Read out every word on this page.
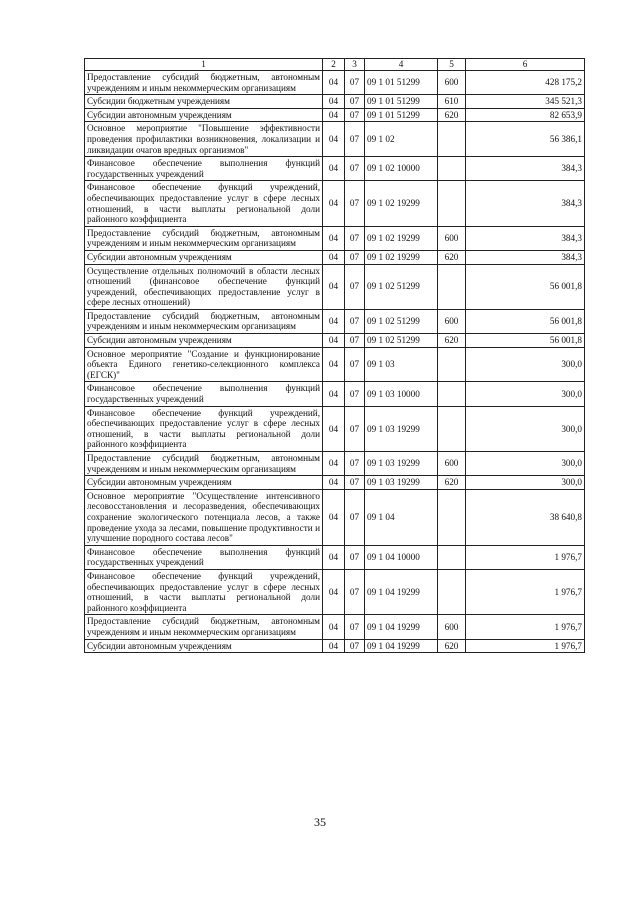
1	2	3	4	5	6
Предоставление субсидий бюджетным, автономным учреждениям и иным некоммерческим организациям	04	07	09 1 01 51299	600	428 175,2
Субсидии бюджетным учреждениям	04	07	09 1 01 51299	610	345 521,3
Субсидии автономным учреждениям	04	07	09 1 01 51299	620	82 653,9
Основное мероприятие "Повышение эффективности проведения профилактики возникновения, локализации и ликвидации очагов вредных организмов"	04	07	09 1 02		56 386,1
Финансовое обеспечение выполнения функций государственных учреждений	04	07	09 1 02 10000		384,3
Финансовое обеспечение функций учреждений, обеспечивающих предоставление услуг в сфере лесных отношений, в части выплаты региональной доли районного коэффициента	04	07	09 1 02 19299		384,3
Предоставление субсидий бюджетным, автономным учреждениям и иным некоммерческим организациям	04	07	09 1 02 19299	600	384,3
Субсидии автономным учреждениям	04	07	09 1 02 19299	620	384,3
Осуществление отдельных полномочий в области лесных отношений (финансовое обеспечение функций учреждений, обеспечивающих предоставление услуг в сфере лесных отношений)	04	07	09 1 02 51299		56 001,8
Предоставление субсидий бюджетным, автономным учреждениям и иным некоммерческим организациям	04	07	09 1 02 51299	600	56 001,8
Субсидии автономным учреждениям	04	07	09 1 02 51299	620	56 001,8
Основное мероприятие "Создание и функционирование объекта Единого генетико-селекционного комплекса (ЕГСК)"	04	07	09 1 03		300,0
Финансовое обеспечение выполнения функций государственных учреждений	04	07	09 1 03 10000		300,0
Финансовое обеспечение функций учреждений, обеспечивающих предоставление услуг в сфере лесных отношений, в части выплаты региональной доли районного коэффициента	04	07	09 1 03 19299		300,0
Предоставление субсидий бюджетным, автономным учреждениям и иным некоммерческим организациям	04	07	09 1 03 19299	600	300,0
Субсидии автономным учреждениям	04	07	09 1 03 19299	620	300,0
Основное мероприятие "Осуществление интенсивного лесовосстановления и лесоразведения, обеспечивающих сохранение экологического потенциала лесов, а также проведение ухода за лесами, повышение продуктивности и улучшение породного состава лесов"	04	07	09 1 04		38 640,8
Финансовое обеспечение выполнения функций государственных учреждений	04	07	09 1 04 10000		1 976,7
Финансовое обеспечение функций учреждений, обеспечивающих предоставление услуг в сфере лесных отношений, в части выплаты региональной доли районного коэффициента	04	07	09 1 04 19299		1 976,7
Предоставление субсидий бюджетным, автономным учреждениям и иным некоммерческим организациям	04	07	09 1 04 19299	600	1 976,7
Субсидии автономным учреждениям	04	07	09 1 04 19299	620	1 976,7
35
